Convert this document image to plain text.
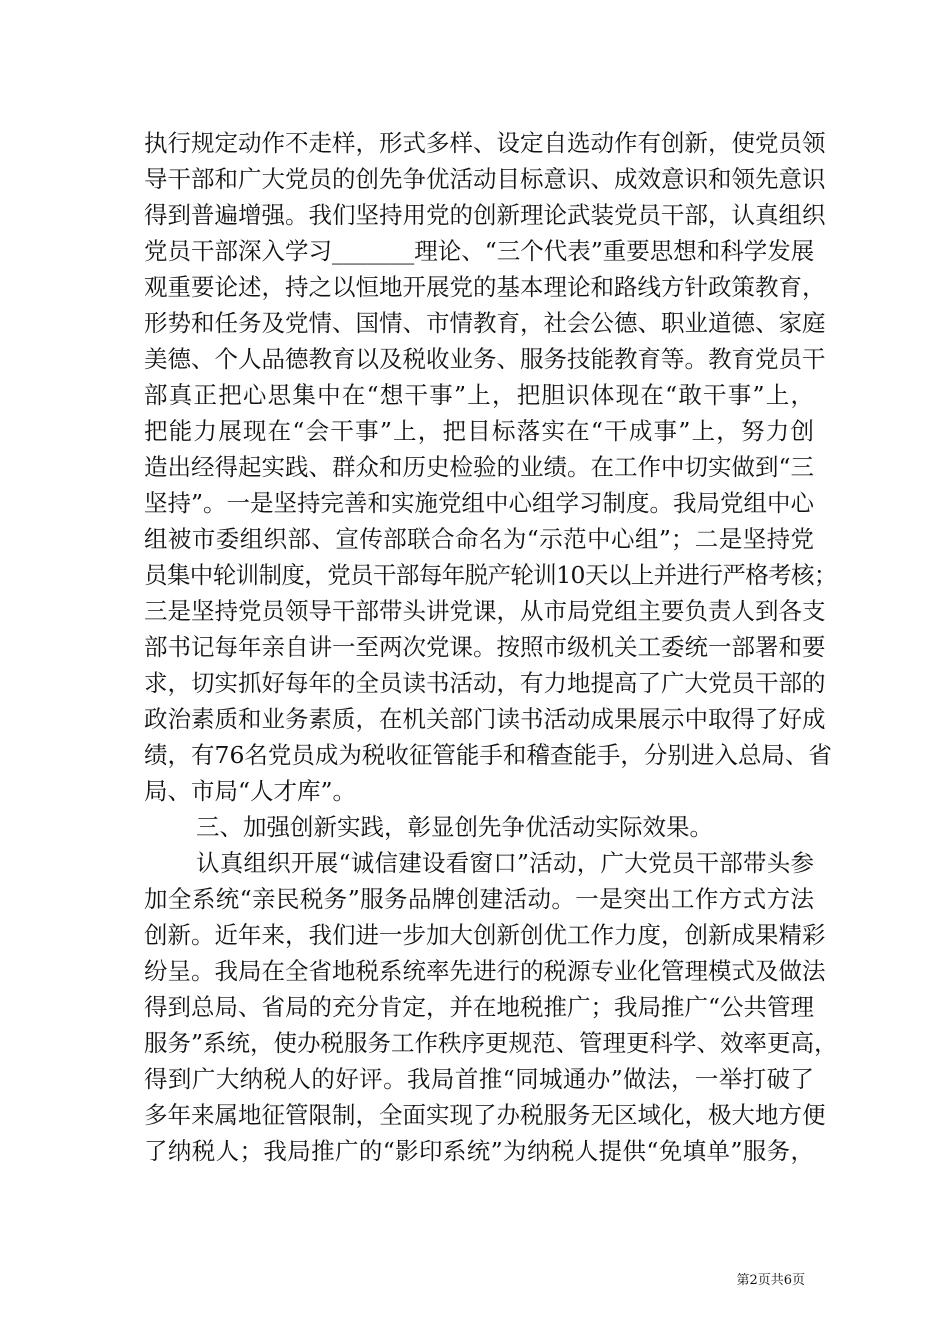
执行规定动作不走样，形式多样、设定自选动作有创新，使党员领
导干部和广大党员的创先争优活动目标意识、成效意识和领先意识
得到普遍增强。我们坚持用党的创新理论武装党员干部，认真组织
党员干部深入学习_______理论、“三个代表”重要思想和科学发展
观重要论述，持之以恒地开展党的基本理论和路线方针政策教育，
形势和任务及党情、国情、市情教育，社会公德、职业道德、家庭
美德、个人品德教育以及税收业务、服务技能教育等。教育党员干
部真正把心思集中在“想干事”上，把胆识体现在“敢干事”上，
把能力展现在“会干事”上，把目标落实在“干成事”上，努力创
造出经得起实践、群众和历史检验的业绩。在工作中切实做到“三
坚持”。一是坚持完善和实施党组中心组学习制度。我局党组中心
组被市委组织部、宣传部联合命名为“示范中心组”；二是坚持党
员集中轮训制度，党员干部每年脱产轮训10天以上并进行严格考核；
三是坚持党员领导干部带头讲党课，从市局党组主要负责人到各支
部书记每年亲自讲一至两次党课。按照市级机关工委统一部署和要
求，切实抓好每年的全员读书活动，有力地提高了广大党员干部的
政治素质和业务素质，在机关部门读书活动成果展示中取得了好成
绩，有76名党员成为税收征管能手和稽查能手，分别进入总局、省
局、市局“人才库”。
三、加强创新实践，彰显创先争优活动实际效果。
认真组织开展“诚信建设看窗口”活动，广大党员干部带头参
加全系统“亲民税务”服务品牌创建活动。一是突出工作方式方法
创新。近年来，我们进一步加大创新创优工作力度，创新成果精彩
纷呈。我局在全省地税系统率先进行的税源专业化管理模式及做法
得到总局、省局的充分肯定，并在地税推广；我局推广“公共管理
服务”系统，使办税服务工作秩序更规范、管理更科学、效率更高，
得到广大纳税人的好评。我局首推“同城通办”做法，一举打破了
多年来属地征管限制，全面实现了办税服务无区域化，极大地方便
了纳税人；我局推广的“影印系统”为纳税人提供“免填单”服务，
第2页共6页
